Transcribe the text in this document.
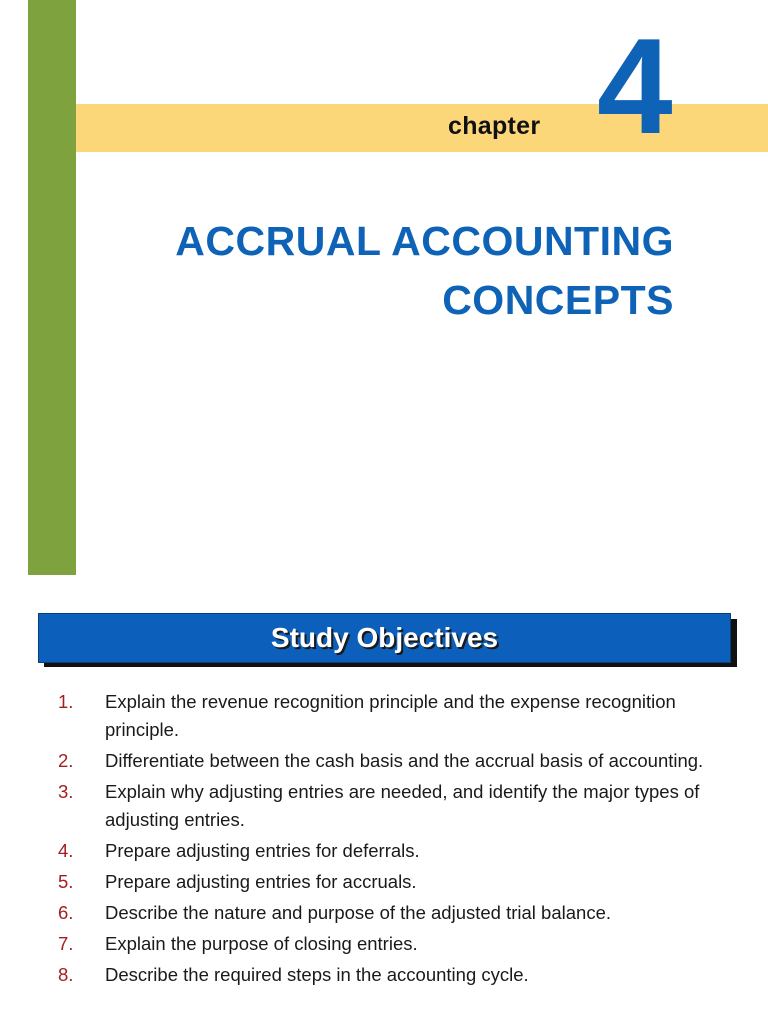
chapter 4
ACCRUAL ACCOUNTING
CONCEPTS
Study Objectives
1. Explain the revenue recognition principle and the expense recognition principle.
2. Differentiate between the cash basis and the accrual basis of accounting.
3. Explain why adjusting entries are needed, and identify the major types of adjusting entries.
4. Prepare adjusting entries for deferrals.
5. Prepare adjusting entries for accruals.
6. Describe the nature and purpose of the adjusted trial balance.
7. Explain the purpose of closing entries.
8. Describe the required steps in the accounting cycle.
